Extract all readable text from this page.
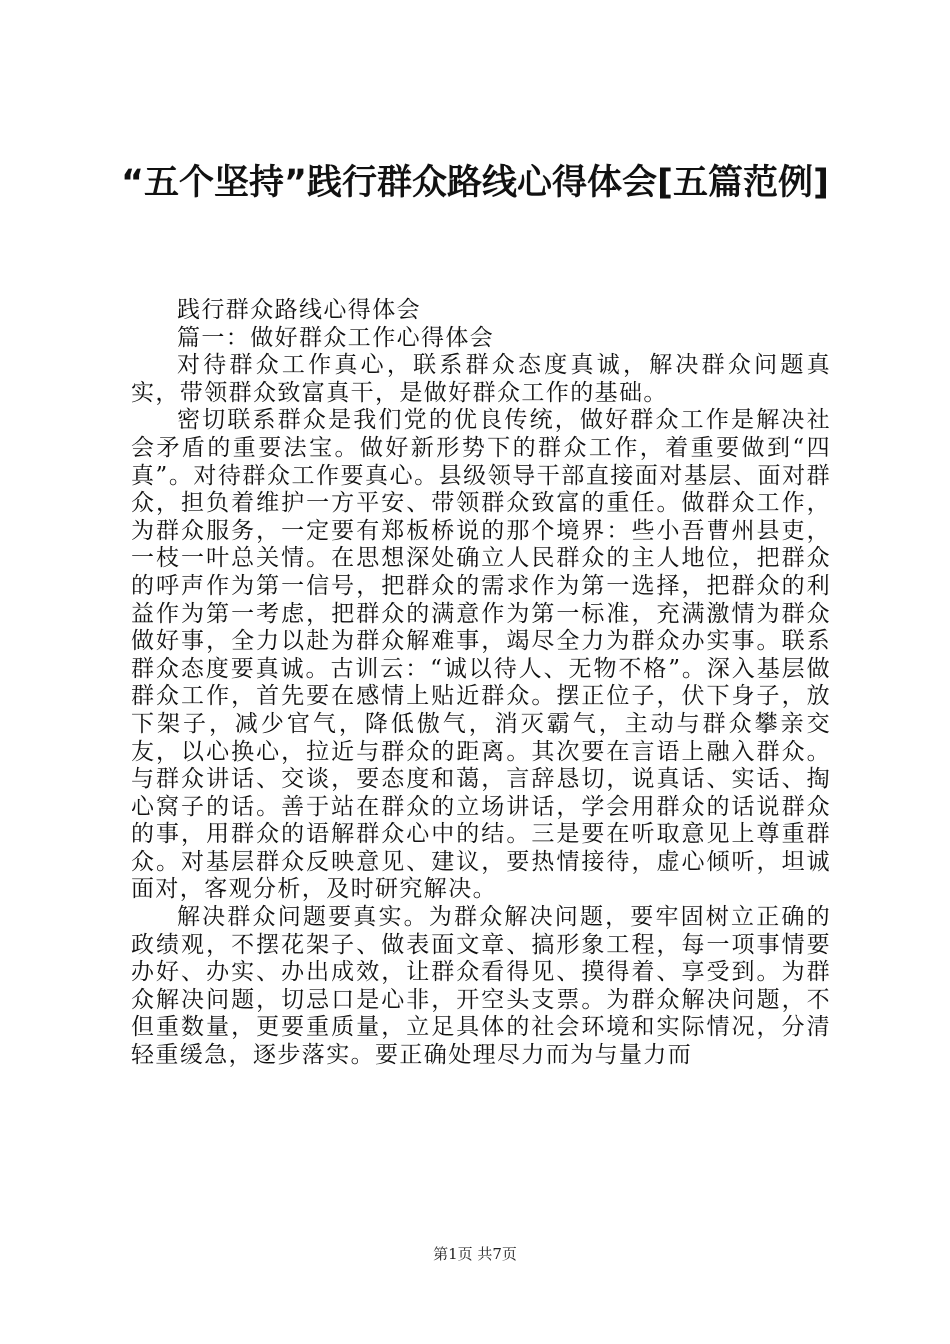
“五个坚持”践行群众路线心得体会[五篇范例]

践行群众路线心得体会

篇一：做好群众工作心得体会

对待群众工作真心，联系群众态度真诚，解决群众问题真实，带领群众致富真干，是做好群众工作的基础。

密切联系群众是我们党的优良传统，做好群众工作是解决社会矛盾的重要法宝。做好新形势下的群众工作，着重要做到“四真”。对待群众工作要真心。县级领导干部直接面对基层、面对群众，担负着维护一方平安、带领群众致富的重任。做群众工作，为群众服务，一定要有郑板桥说的那个境界：些小吾曹州县吏，一枝一叶总关情。在思想深处确立人民群众的主人地位，把群众的呼声作为第一信号，把群众的需求作为第一选择，把群众的利益作为第一考虑，把群众的满意作为第一标准，充满激情为群众做好事，全力以赴为群众解难事，竭尽全力为群众办实事。联系群众态度要真诚。古训云：“诚以待人、无物不格”。深入基层做群众工作，首先要在感情上贴近群众。摆正位子，伏下身子，放下架子，减少官气，降低傲气，消灭霸气，主动与群众攀亲交友，以心换心，拉近与群众的距离。其次要在言语上融入群众。与群众讲话、交谈，要态度和蔼，言辞恳切，说真话、实话、掏心窝子的话。善于站在群众的立场讲话，学会用群众的话说群众的事，用群众的语解群众心中的结。三是要在听取意见上尊重群众。对基层群众反映意见、建议，要热情接待，虚心倾听，坦诚面对，客观分析，及时研究解决。

解决群众问题要真实。为群众解决问题，要牢固树立正确的政绩观，不摆花架子、做表面文章、搞形象工程，每一项事情要办好、办实、办出成效，让群众看得见、摸得着、享受到。为群众解决问题，切忌口是心非，开空头支票。为群众解决问题，不但重数量，更要重质量，立足具体的社会环境和实际情况，分清轻重缓急，逐步落实。要正确处理尽力而为与量力而

第1页 共7页
